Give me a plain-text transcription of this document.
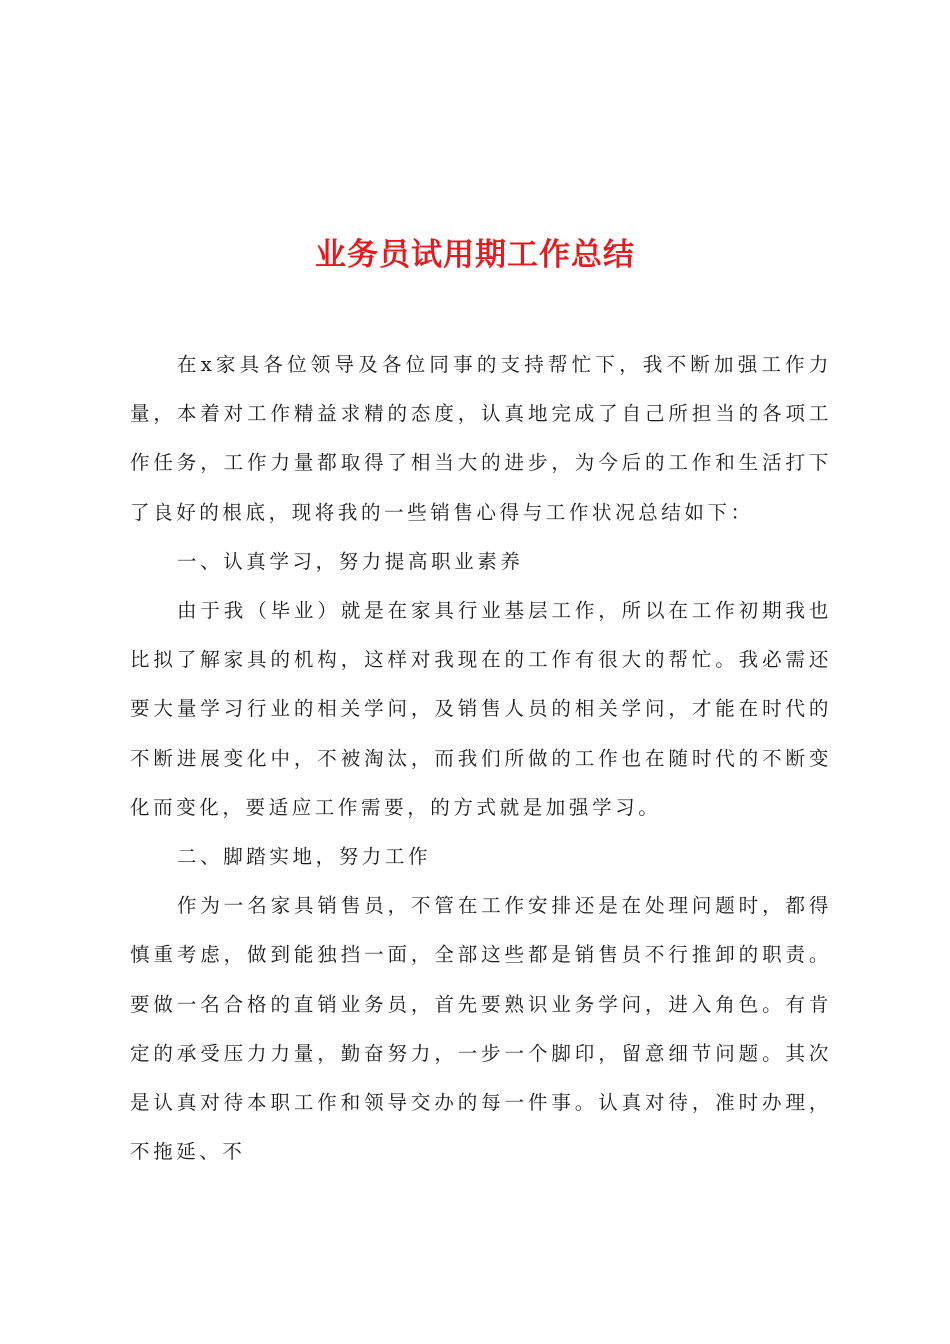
业务员试用期工作总结

在x家具各位领导及各位同事的支持帮忙下，我不断加强工作力量，本着对工作精益求精的态度，认真地完成了自己所担当的各项工作任务，工作力量都取得了相当大的进步，为今后的工作和生活打下了良好的根底，现将我的一些销售心得与工作状况总结如下：

一、认真学习，努力提高职业素养

由于我（毕业）就是在家具行业基层工作，所以在工作初期我也比拟了解家具的机构，这样对我现在的工作有很大的帮忙。我必需还要大量学习行业的相关学问，及销售人员的相关学问，才能在时代的不断进展变化中，不被淘汰，而我们所做的工作也在随时代的不断变化而变化，要适应工作需要，的方式就是加强学习。

二、脚踏实地，努力工作

作为一名家具销售员，不管在工作安排还是在处理问题时，都得慎重考虑，做到能独挡一面，全部这些都是销售员不行推卸的职责。要做一名合格的直销业务员，首先要熟识业务学问，进入角色。有肯定的承受压力力量，勤奋努力，一步一个脚印，留意细节问题。其次是认真对待本职工作和领导交办的每一件事。认真对待，准时办理，不拖延、不
